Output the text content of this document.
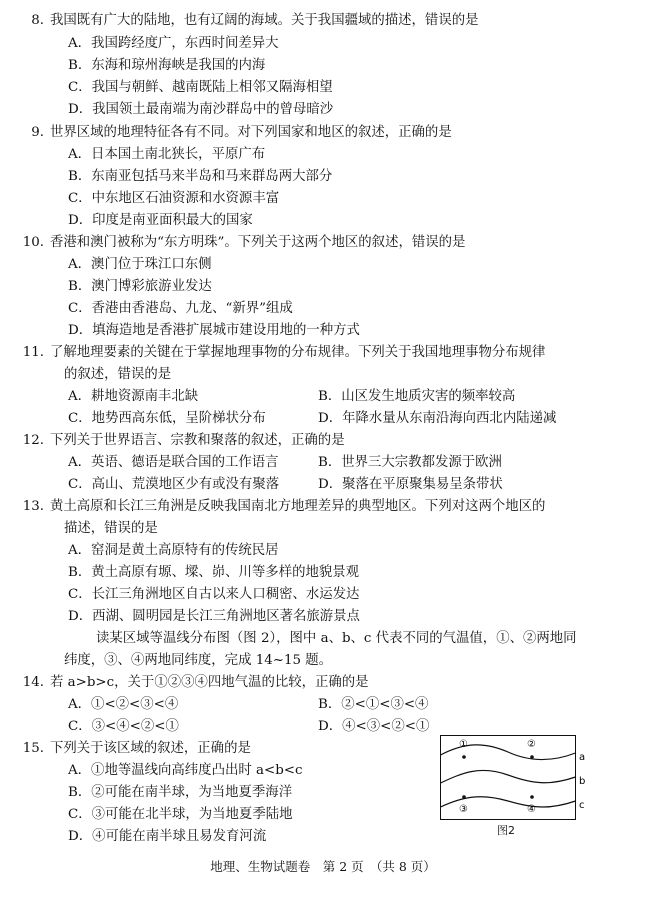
8. 我国既有广大的陆地，也有辽阔的海域。关于我国疆域的描述，错误的是
A．我国跨经度广，东西时间差异大
B．东海和琼州海峡是我国的内海
C．我国与朝鲜、越南既陆上相邻又隔海相望
D．我国领土最南端为南沙群岛中的曾母暗沙
9. 世界区域的地理特征各有不同。对下列国家和地区的叙述，正确的是
A．日本国土南北狭长，平原广布
B．东南亚包括马来半岛和马来群岛两大部分
C．中东地区石油资源和水资源丰富
D．印度是南亚面积最大的国家
10. 香港和澳门被称为“东方明珠”。下列关于这两个地区的叙述，错误的是
A．澳门位于珠江口东侧
B．澳门博彩旅游业发达
C．香港由香港岛、九龙、“新界”组成
D．填海造地是香港扩展城市建设用地的一种方式
11. 了解地理要素的关键在于掌握地理事物的分布规律。下列关于我国地理事物分布规律
的叙述，错误的是
A．耕地资源南丰北缺	B．山区发生地质灾害的频率较高
C．地势西高东低，呈阶梯状分布	D．年降水量从东南沿海向西北内陆递减
12. 下列关于世界语言、宗教和聚落的叙述，正确的是
A．英语、德语是联合国的工作语言	B．世界三大宗教都发源于欧洲
C．高山、荒漠地区少有或没有聚落	D．聚落在平原聚集易呈条带状
13. 黄土高原和长江三角洲是反映我国南北方地理差异的典型地区。下列对这两个地区的
描述，错误的是
A．窑洞是黄土高原特有的传统民居
B．黄土高原有塬、墚、峁、川等多样的地貌景观
C．长江三角洲地区自古以来人口稠密、水运发达
D．西湖、圆明园是长江三角洲地区著名旅游景点
读某区域等温线分布图（图 2），图中 a、b、c 代表不同的气温值，①、②两地同
纬度，③、④两地同纬度，完成 14~15 题。
14. 若 a>b>c，关于①②③④四地气温的比较，正确的是
A．①<②<③<④	B．②<①<③<④
C．③<④<②<①	D．④<③<②<①
15. 下列关于该区域的叙述，正确的是
A．①地等温线向高纬度凸出时 a<b<c
B．②可能在南半球，为当地夏季海洋
C．③可能在北半球，为当地夏季陆地
D．④可能在南半球且易发育河流
①	②
③	④
a
b
c
图2
地理、生物试题卷　第 2 页　（共 8 页）
